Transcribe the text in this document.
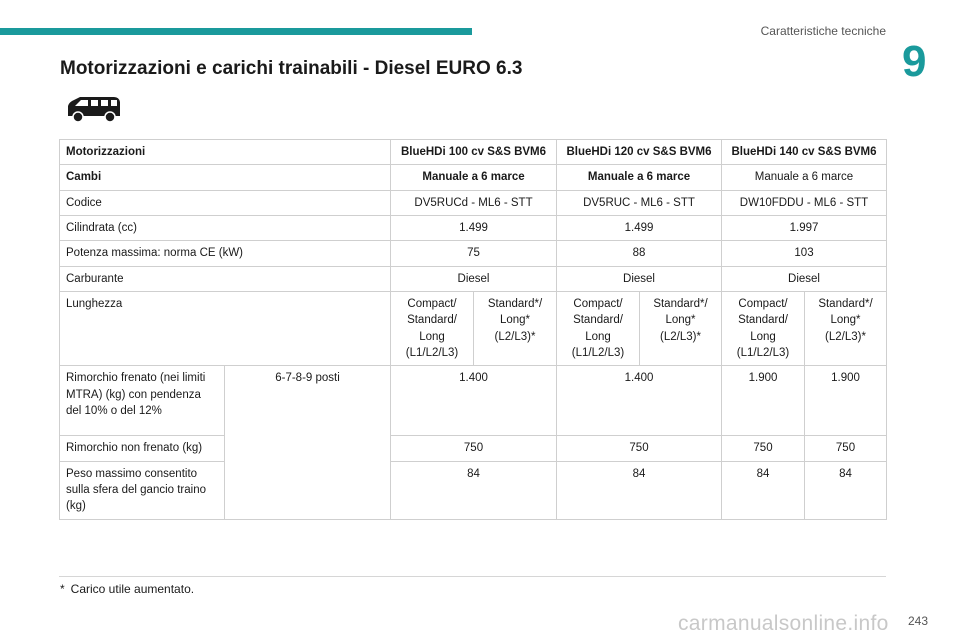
Caratteristiche tecniche
9
Motorizzazioni e carichi trainabili - Diesel EURO 6.3
Motorizzazioni		BlueHDi 100 cv S&S BVM6		BlueHDi 120 cv S&S BVM6		BlueHDi 140 cv S&S BVM6	
Cambi		Manuale a 6 marce		Manuale a 6 marce		Manuale a 6 marce	
Codice		DV5RUCd - ML6 - STT		DV5RUC - ML6 - STT		DW10FDDU - ML6 - STT	
Cilindrata (cc)		1.499		1.499		1.997	
Potenza massima: norma CE (kW)		75		88		103	
Carburante		Diesel		Diesel		Diesel	
Lunghezza		Compact/ Standard/ Long (L1/L2/L3)	Standard*/ Long* (L2/L3)*	Compact/ Standard/ Long (L1/L2/L3)	Standard*/ Long* (L2/L3)*	Compact/ Standard/ Long (L1/L2/L3)	Standard*/ Long* (L2/L3)*
Rimorchio frenato (nei limiti MTRA) (kg) con pendenza del 10% o del 12%	6-7-8-9 posti	1.400		1.400		1.900	1.900
Rimorchio non frenato (kg)		750		750		750	750
Peso massimo consentito sulla sfera del gancio traino (kg)		84		84		84	84
* Carico utile aumentato.
carmanualsonline.info 243
